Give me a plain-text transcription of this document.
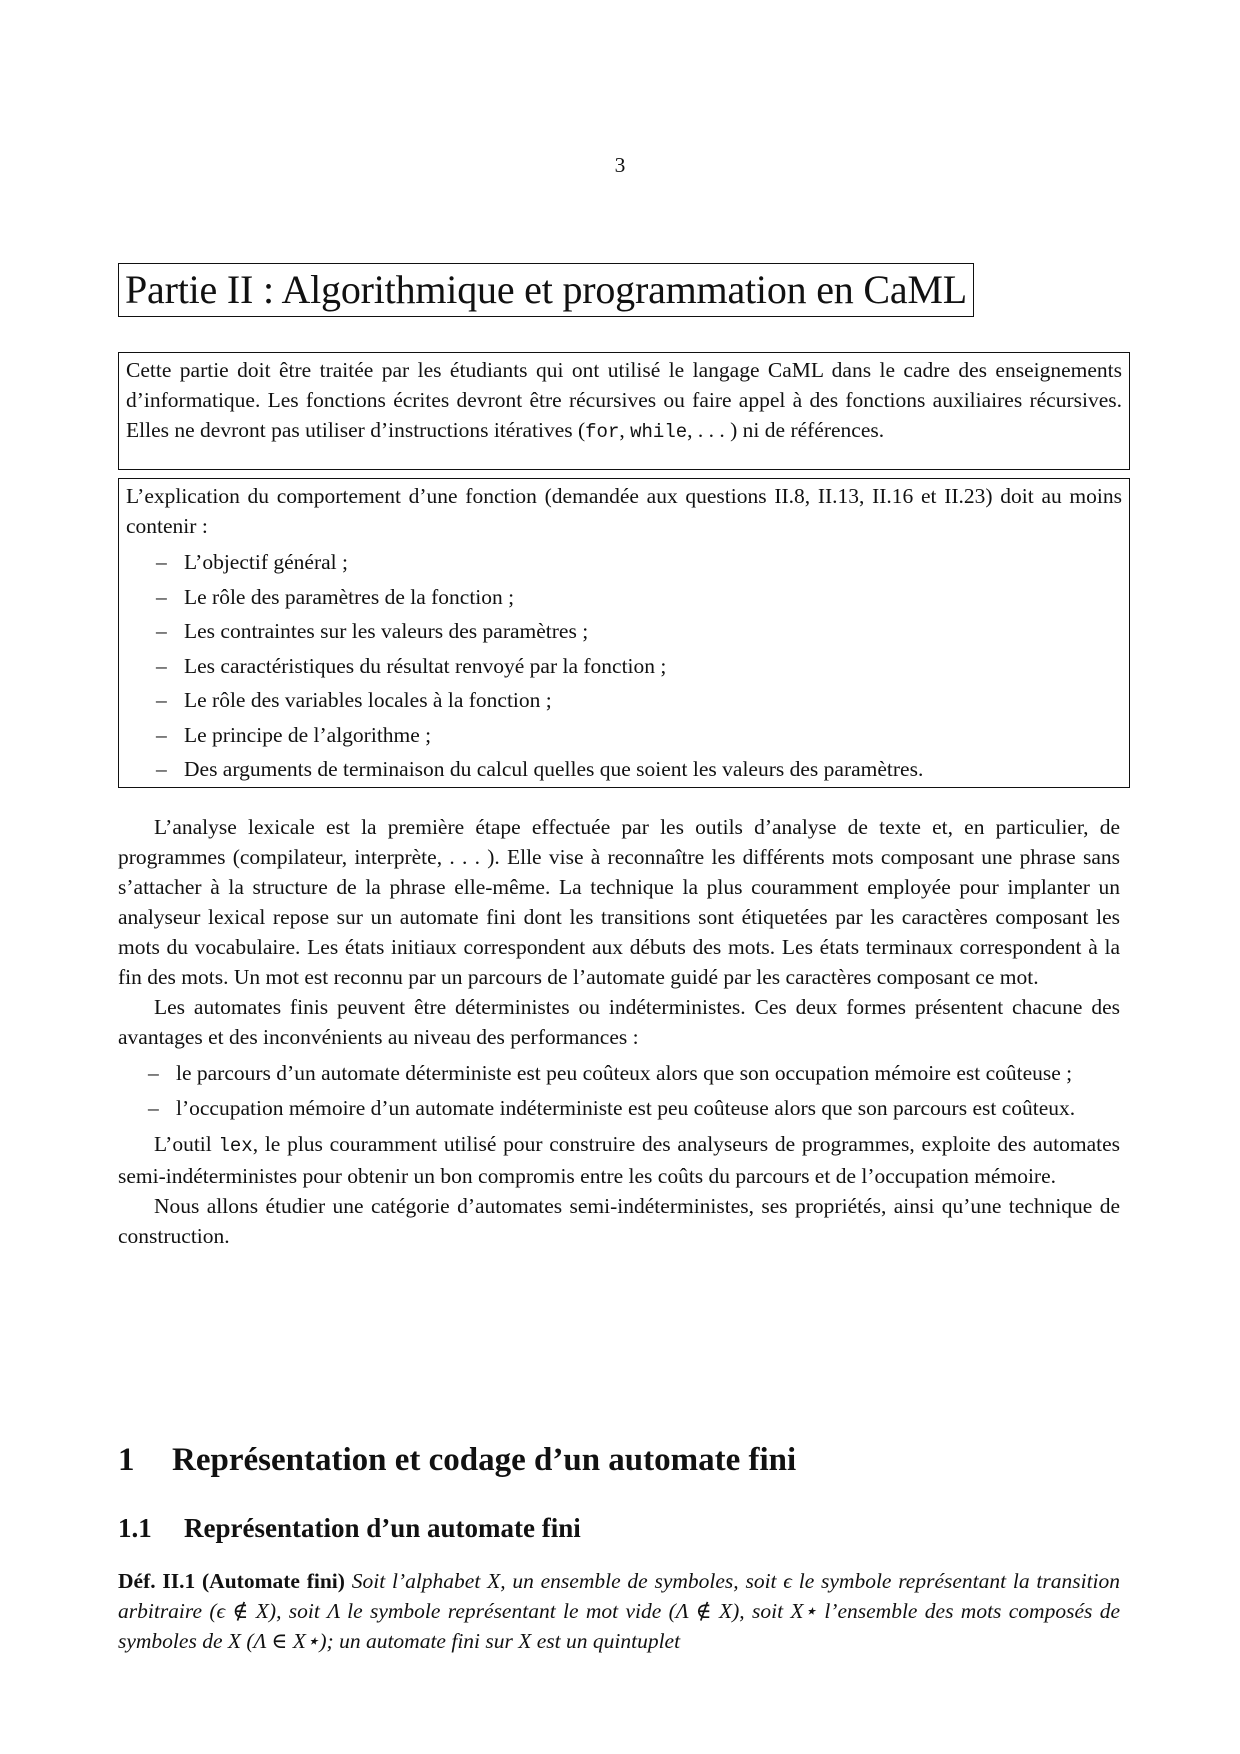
3
Partie II : Algorithmique et programmation en CaML
Cette partie doit être traitée par les étudiants qui ont utilisé le langage CaML dans le cadre des enseignements d’informatique. Les fonctions écrites devront être récursives ou faire appel à des fonctions auxiliaires récursives. Elles ne devront pas utiliser d’instructions itératives (for, while, . . . ) ni de références.
L’explication du comportement d’une fonction (demandée aux questions II.8, II.13, II.16 et II.23) doit au moins contenir :
– L’objectif général ;
– Le rôle des paramètres de la fonction ;
– Les contraintes sur les valeurs des paramètres ;
– Les caractéristiques du résultat renvoyé par la fonction ;
– Le rôle des variables locales à la fonction ;
– Le principe de l’algorithme ;
– Des arguments de terminaison du calcul quelles que soient les valeurs des paramètres.

L’analyse lexicale est la première étape effectuée par les outils d’analyse de texte et, en particulier, de programmes (compilateur, interprète, . . . ). Elle vise à reconnaître les différents mots composant une phrase sans s’attacher à la structure de la phrase elle-même. La technique la plus couramment employée pour implanter un analyseur lexical repose sur un automate fini dont les transitions sont étiquetées par les caractères composant les mots du vocabulaire. Les états initiaux correspondent aux débuts des mots. Les états terminaux correspondent à la fin des mots. Un mot est reconnu par un parcours de l’automate guidé par les caractères composant ce mot.

Les automates finis peuvent être déterministes ou indéterministes. Ces deux formes présentent chacune des avantages et des inconvénients au niveau des performances :

– le parcours d’un automate déterministe est peu coûteux alors que son occupation mémoire est coûteuse ;
– l’occupation mémoire d’un automate indéterministe est peu coûteuse alors que son parcours est coûteux.

L’outil lex, le plus couramment utilisé pour construire des analyseurs de programmes, exploite des automates semi-indéterministes pour obtenir un bon compromis entre les coûts du parcours et de l’occupation mémoire.

Nous allons étudier une catégorie d’automates semi-indéterministes, ses propriétés, ainsi qu’une technique de construction.

1 Représentation et codage d’un automate fini
1.1 Représentation d’un automate fini
Déf. II.1 (Automate fini) Soit l’alphabet X, un ensemble de symboles, soit ϵ le symbole représentant la transition arbitraire (ϵ ∉ X), soit Λ le symbole représentant le mot vide (Λ ∉ X), soit X⋆ l’ensemble des mots composés de symboles de X (Λ ∈ X⋆); un automate fini sur X est un quintuplet
